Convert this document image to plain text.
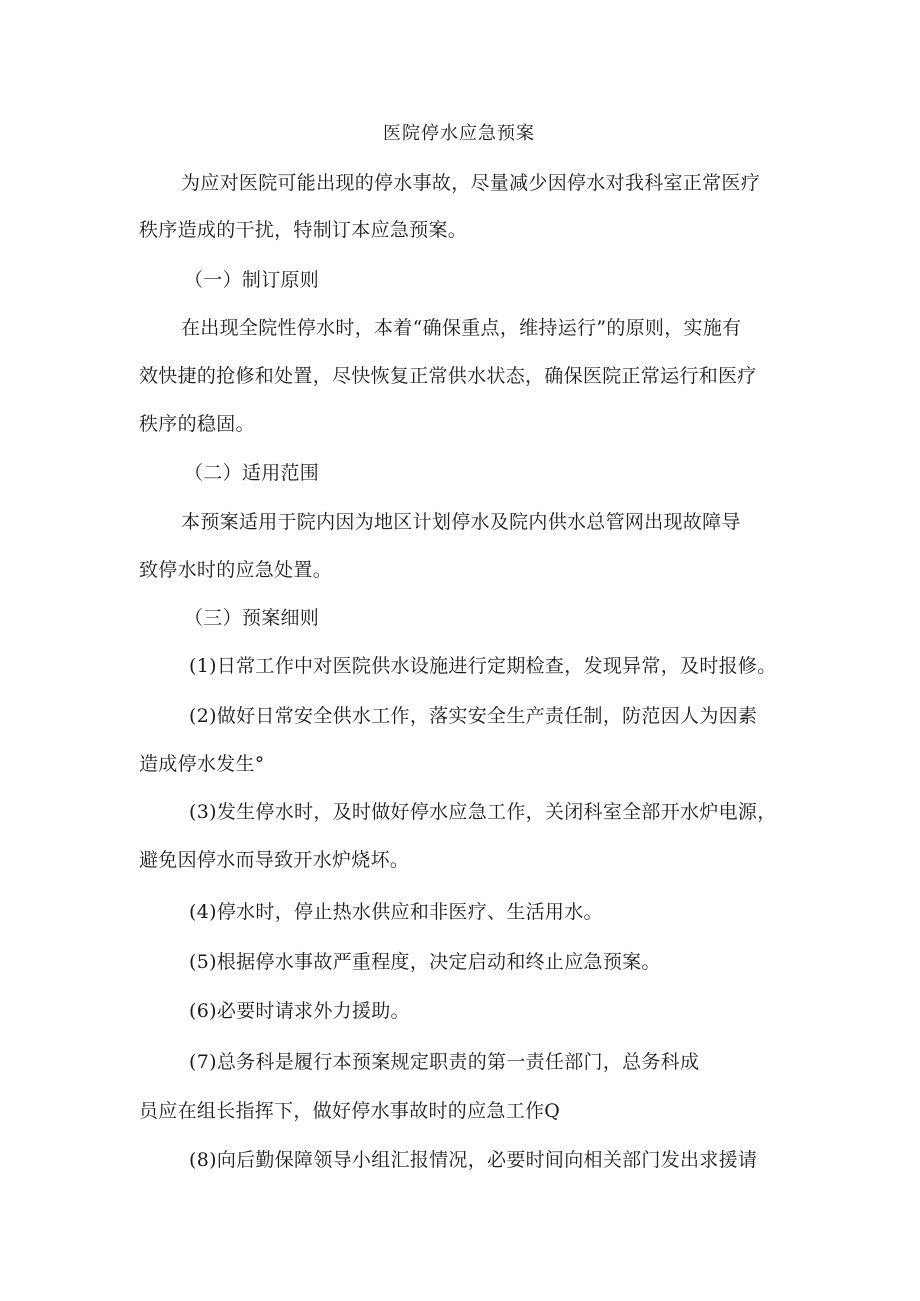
医院停水应急预案
为应对医院可能出现的停水事故，尽量减少因停水对我科室正常医疗
秩序造成的干扰，特制订本应急预案。
（一）制订原则
在出现全院性停水时，本着“确保重点，维持运行”的原则，实施有
效快捷的抢修和处置，尽快恢复正常供水状态，确保医院正常运行和医疗
秩序的稳固。
（二）适用范围
本预案适用于院内因为地区计划停水及院内供水总管网出现故障导
致停水时的应急处置。
（三）预案细则
(1)日常工作中对医院供水设施进行定期检查，发现异常，及时报修。
(2)做好日常安全供水工作，落实安全生产责任制，防范因人为因素
造成停水发生°
(3)发生停水时，及时做好停水应急工作，关闭科室全部开水炉电源，
避免因停水而导致开水炉烧坏。
(4)停水时，停止热水供应和非医疗、生活用水。
(5)根据停水事故严重程度，决定启动和终止应急预案。
(6)必要时请求外力援助。
(7)总务科是履行本预案规定职责的第一责任部门，总务科成
员应在组长指挥下，做好停水事故时的应急工作Q
(8)向后勤保障领导小组汇报情况，必要时间向相关部门发出求援请
